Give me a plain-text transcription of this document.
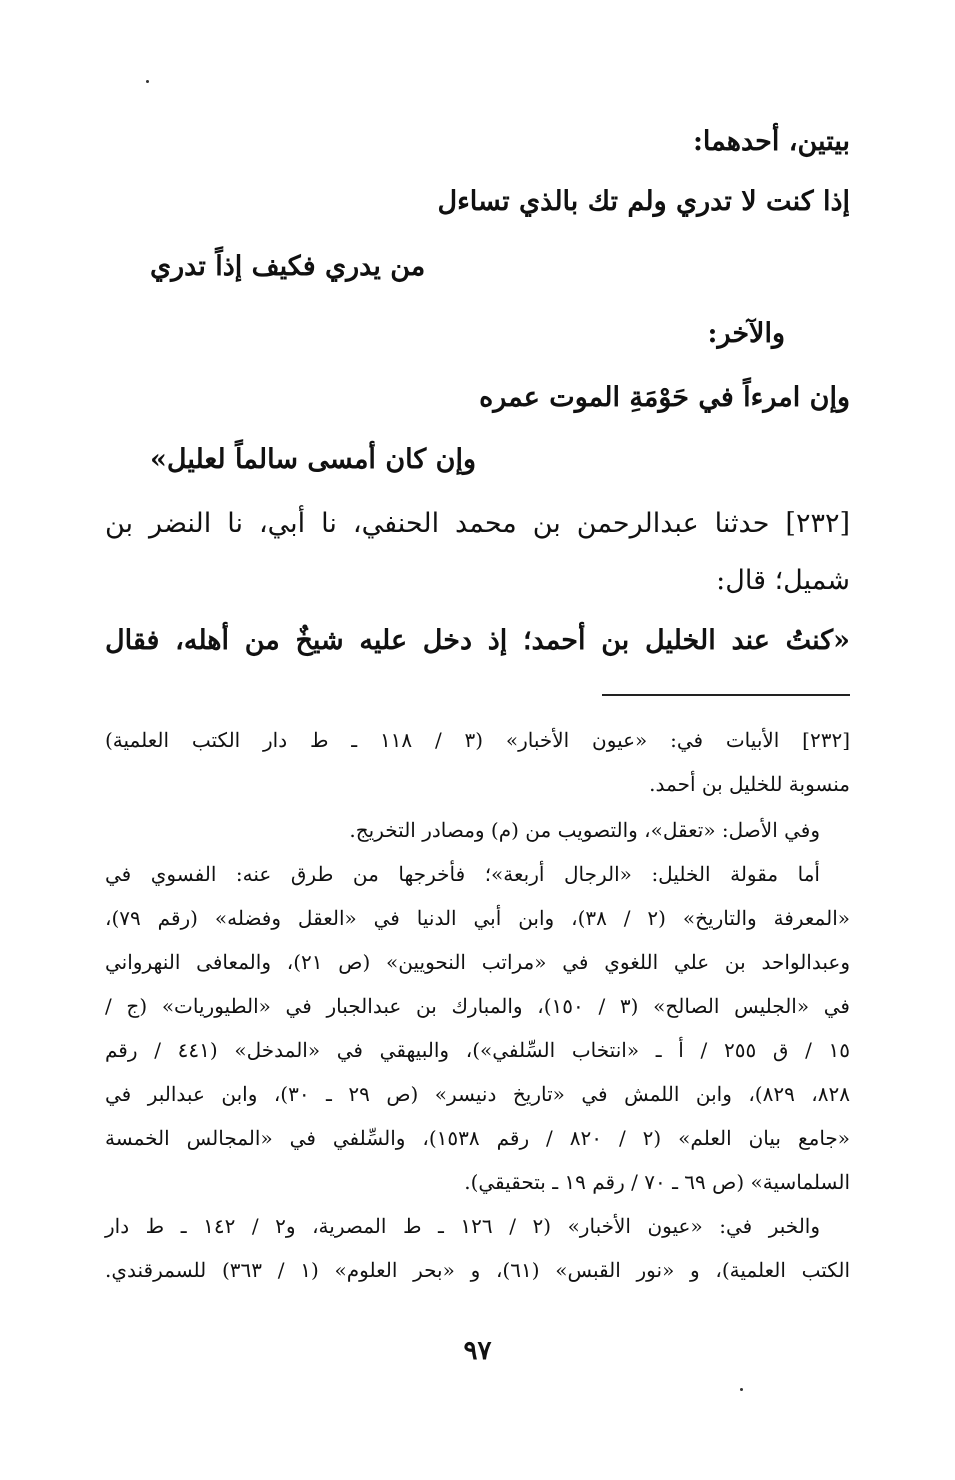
بيتين، أحدهما:
إذا كنت لا تدري ولم تك بالذي تساءل
من يدري فكيف إذاً تدري
والآخر:
وإن امرءاً في حَوْمَةِ الموت عمره
وإن كان أمسى سالماً لعليل»
[٢٣٢] حدثنا عبدالرحمن بن محمد الحنفي، نا أبي، نا النضر بن
شميل؛ قال:
«كنتُ عند الخليل بن أحمد؛ إذ دخل عليه شيخٌ من أهله، فقال
[٢٣٢] الأبيات في: «عيون الأخبار» (٣ / ١١٨ ـ ط دار الكتب العلمية)
منسوبة للخليل بن أحمد.
وفي الأصل: «تعقل»، والتصويب من (م) ومصادر التخريج.
أما مقولة الخليل: «الرجال أربعة»؛ فأخرجها من طرق عنه: الفسوي في
«المعرفة والتاريخ» (٢ / ٣٨)، وابن أبي الدنيا في «العقل وفضله» (رقم ٧٩)،
وعبدالواحد بن علي اللغوي في «مراتب النحويين» (ص ٢١)، والمعافى النهرواني
في «الجليس الصالح» (٣ / ١٥٠)، والمبارك بن عبدالجبار في «الطيوريات» (ج /
١٥ / ق ٢٥٥ / أ ـ «انتخاب السِّلفي»)، والبيهقي في «المدخل» (٤٤١ / رقم
٨٢٨، ٨٢٩)، وابن اللمش في «تاريخ دنيسر» (ص ٢٩ ـ ٣٠)، وابن عبدالبر في
«جامع بيان العلم» (٢ / ٨٢٠ / رقم ١٥٣٨)، والسِّلفي في «المجالس الخمسة
السلماسية» (ص ٦٩ ـ ٧٠ / رقم ١٩ ـ بتحقيقي).
والخبر في: «عيون الأخبار» (٢ / ١٢٦ ـ ط المصرية، و٢ / ١٤٢ ـ ط دار
الكتب العلمية)، و «نور القبس» (٦١)، و «بحر العلوم» (١ / ٣٦٣) للسمرقندي.
٩٧
